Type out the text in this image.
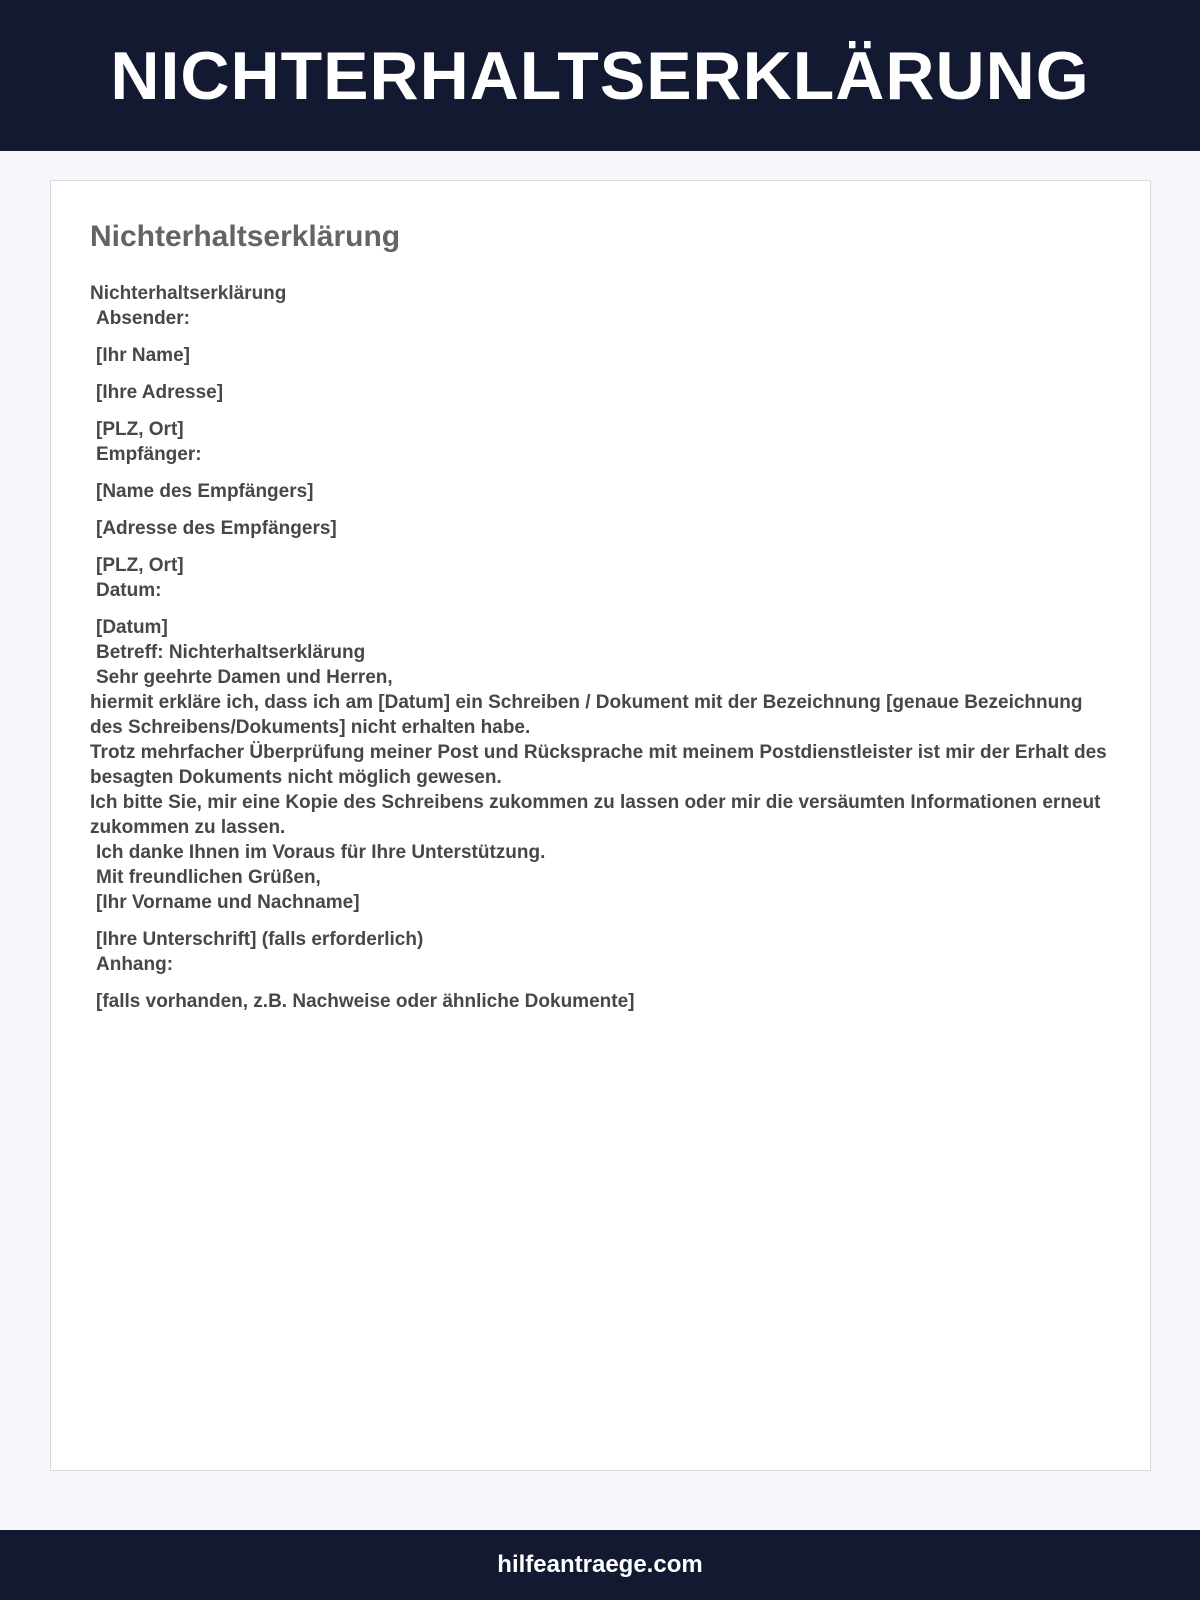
NICHTERHALTSERKLÄRUNG
Nichterhaltserklärung
Nichterhaltserklärung
Absender:
[Ihr Name]
[Ihre Adresse]
[PLZ, Ort]
Empfänger:
[Name des Empfängers]
[Adresse des Empfängers]
[PLZ, Ort]
Datum:
[Datum]
Betreff: Nichterhaltserklärung
Sehr geehrte Damen und Herren,
hiermit erkläre ich, dass ich am [Datum] ein Schreiben / Dokument mit der Bezeichnung [genaue Bezeichnung des Schreibens/Dokuments] nicht erhalten habe.
Trotz mehrfacher Überprüfung meiner Post und Rücksprache mit meinem Postdienstleister ist mir der Erhalt des besagten Dokuments nicht möglich gewesen.
Ich bitte Sie, mir eine Kopie des Schreibens zukommen zu lassen oder mir die versäumten Informationen erneut zukommen zu lassen.
Ich danke Ihnen im Voraus für Ihre Unterstützung.
Mit freundlichen Grüßen,
[Ihr Vorname und Nachname]
[Ihre Unterschrift] (falls erforderlich)
Anhang:
[falls vorhanden, z.B. Nachweise oder ähnliche Dokumente]
hilfeantraege.com
